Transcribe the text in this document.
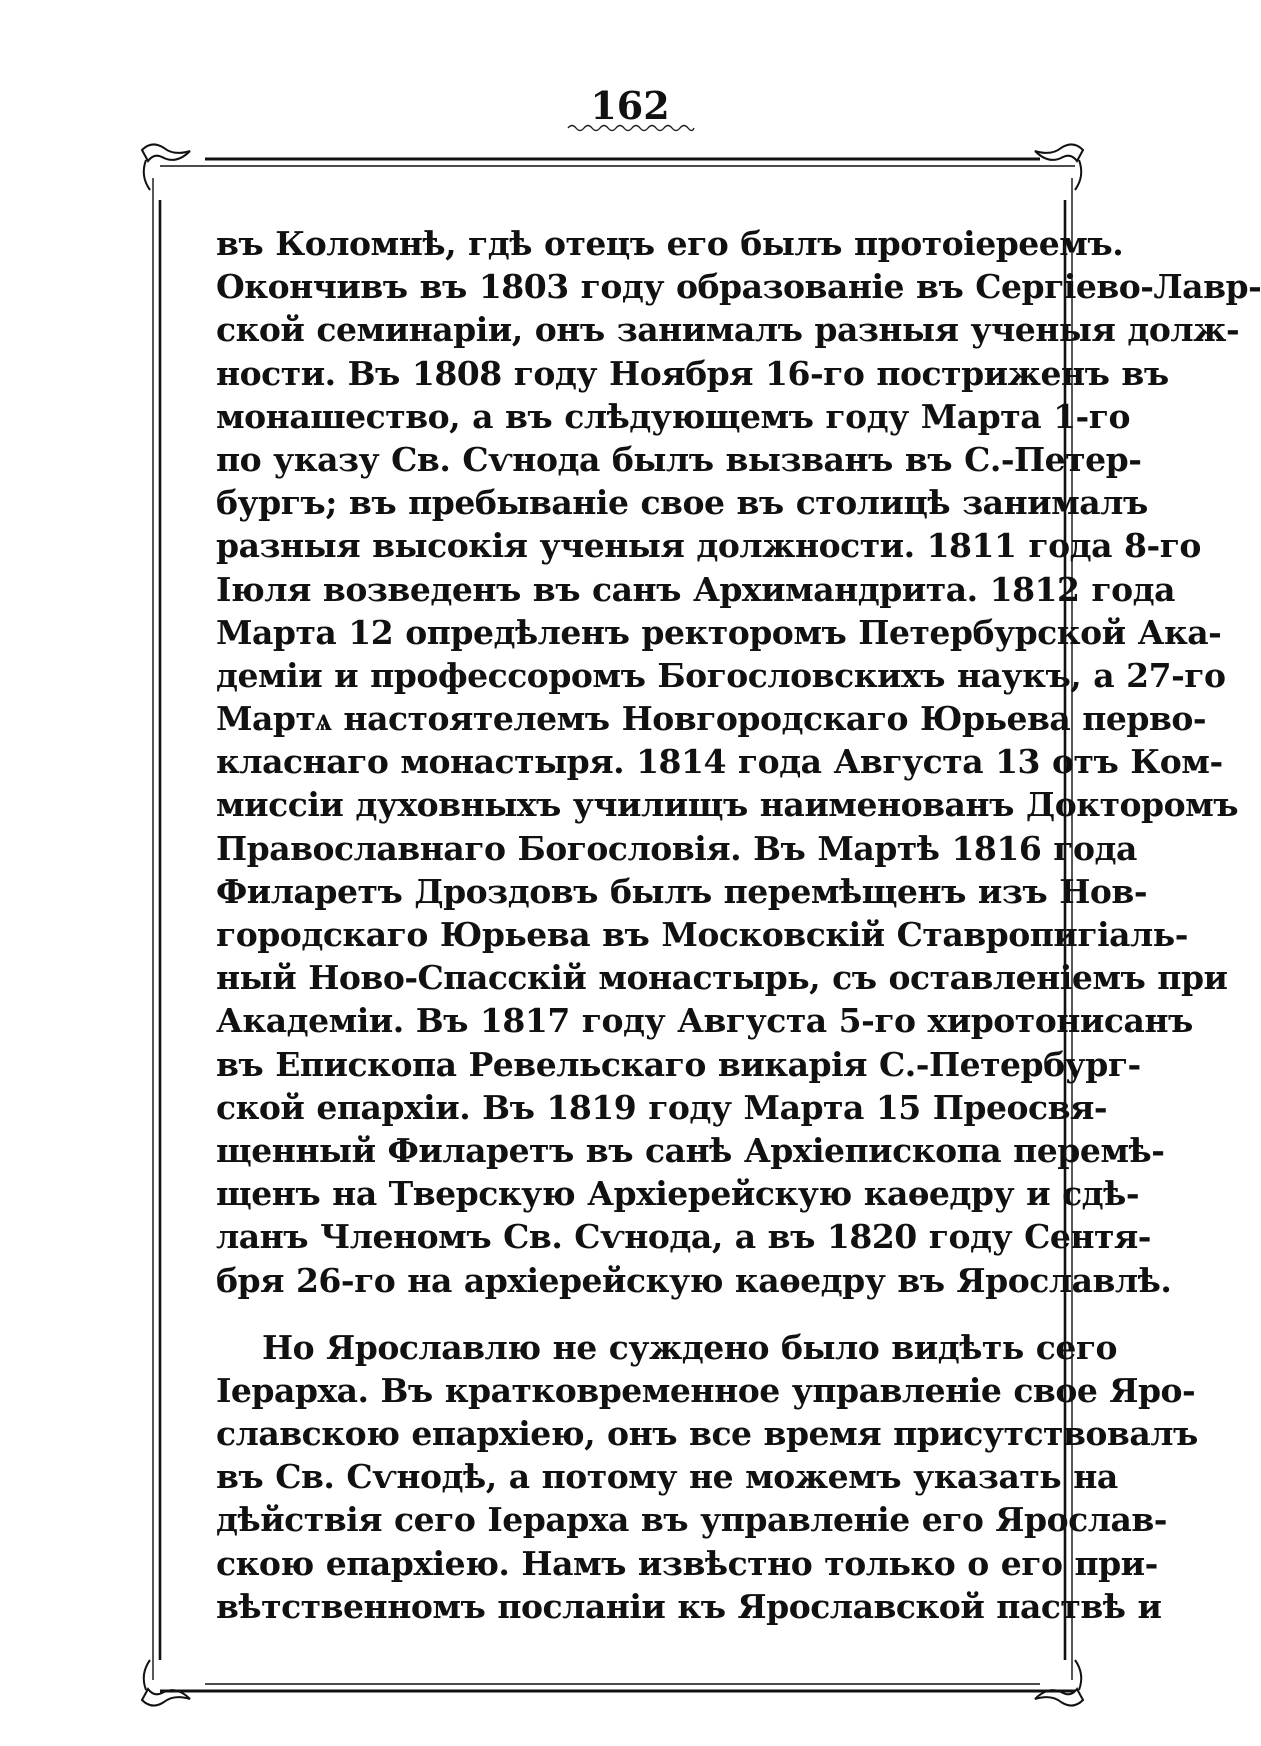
162
въ Коломнѣ, гдѣ отецъ его былъ протоіереемъ.
Окончивъ въ 1803 году образованіе въ Сергіево-Лавр-
ской семинаріи, онъ занималъ разныя ученыя долж-
ности. Въ 1808 году Ноября 16-го постриженъ въ
монашество, а въ слѣдующемъ году Марта 1-го
по указу Св. Сѵнода былъ вызванъ въ С.-Петер-
бургъ; въ пребываніе свое въ столицѣ занималъ
разныя высокія ученыя должности. 1811 года 8-го
Іюля возведенъ въ санъ Архимандрита. 1812 года
Марта 12 опредѣленъ ректоромъ Петербурской Ака-
деміи и профессоромъ Богословскихъ наукъ, а 27-го
Мартѧ настоятелемъ Новгородскаго Юрьева перво-
класнаго монастыря. 1814 года Августа 13 отъ Ком-
миссіи духовныхъ училищъ наименованъ Докторомъ
Православнаго Богословія. Въ Мартѣ 1816 года
Филаретъ Дроздовъ былъ перемѣщенъ изъ Нов-
городскаго Юрьева въ Московскій Ставропигіаль-
ный Ново-Спасскій монастырь, съ оставленіемъ при
Академіи. Въ 1817 году Августа 5-го хиротонисанъ
въ Епископа Ревельскаго викарія С.-Петербург-
ской епархіи. Въ 1819 году Марта 15 Преосвя-
щенный Филаретъ въ санѣ Архіепископа перемѣ-
щенъ на Тверскую Архіерейскую каѳедру и сдѣ-
ланъ Членомъ Св. Сѵнода, а въ 1820 году Сентя-
бря 26-го на архіерейскую каѳедру въ Ярославлѣ.
Но Ярославлю не суждено было видѣть сего
Іерарха. Въ кратковременное управленіе свое Яро-
славскою епархіею, онъ все время присутствовалъ
въ Св. Сѵнодѣ, а потому не можемъ указать на
дѣйствія сего Іерарха въ управленіе его Ярослав-
скою епархіею. Намъ извѣстно только о его при-
вѣтственномъ посланіи къ Ярославской паствѣ и
